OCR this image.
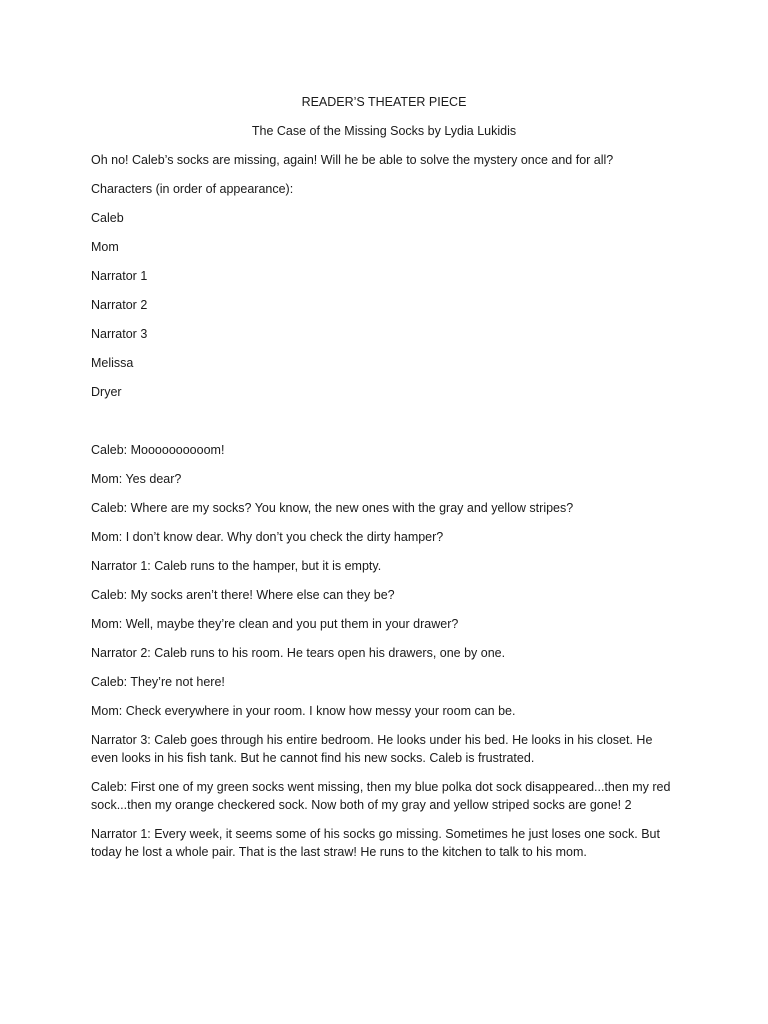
READER’S THEATER PIECE
The Case of the Missing Socks by Lydia Lukidis
Oh no! Caleb’s socks are missing, again! Will he be able to solve the mystery once and for all?
Characters (in order of appearance):
Caleb
Mom
Narrator 1
Narrator 2
Narrator 3
Melissa
Dryer
Caleb: Moooooooooom!
Mom: Yes dear?
Caleb: Where are my socks? You know, the new ones with the gray and yellow stripes?
Mom: I don’t know dear. Why don’t you check the dirty hamper?
Narrator 1: Caleb runs to the hamper, but it is empty.
Caleb: My socks aren’t there! Where else can they be?
Mom: Well, maybe they’re clean and you put them in your drawer?
Narrator 2: Caleb runs to his room. He tears open his drawers, one by one.
Caleb: They’re not here!
Mom: Check everywhere in your room. I know how messy your room can be.
Narrator 3: Caleb goes through his entire bedroom. He looks under his bed. He looks in his closet. He even looks in his fish tank. But he cannot find his new socks. Caleb is frustrated.
Caleb: First one of my green socks went missing, then my blue polka dot sock disappeared...then my red sock...then my orange checkered sock. Now both of my gray and yellow striped socks are gone! 2
Narrator 1: Every week, it seems some of his socks go missing. Sometimes he just loses one sock. But today he lost a whole pair. That is the last straw! He runs to the kitchen to talk to his mom.
